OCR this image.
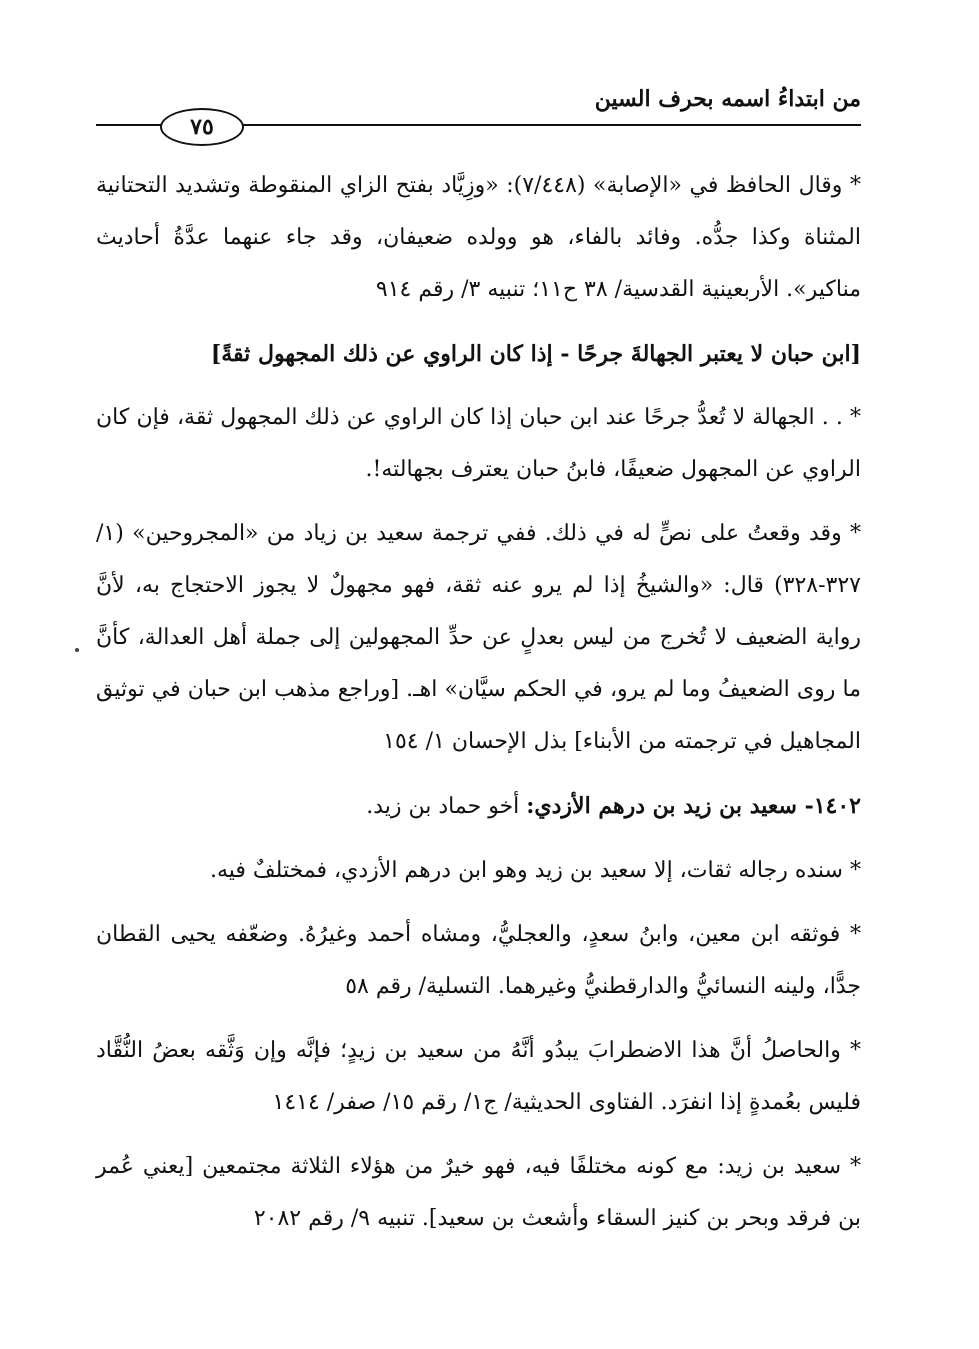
من ابتداءُ اسمه بحرف السين
٧٥

* وقال الحافظ في «الإصابة» (٧/٤٤٨): «وزِيَّاد بفتح الزاي المنقوطة وتشديد التحتانية المثناة وكذا جدُّه. وفائد بالفاء، هو وولده ضعيفان، وقد جاء عنهما عدَّةُ أحاديث مناكير». الأربعينية القدسية/ ٣٨ ح١١؛ تنبيه ٣/ رقم ٩١٤

[ابن حبان لا يعتبر الجهالةَ جرحًا - إذا كان الراوي عن ذلك المجهول ثقةً]

* . . الجهالة لا تُعدُّ جرحًا عند ابن حبان إذا كان الراوي عن ذلك المجهول ثقة، فإن كان الراوي عن المجهول ضعيفًا، فابنُ حبان يعترف بجهالته!.

* وقد وقعتُ على نصٍّ له في ذلك. ففي ترجمة سعيد بن زياد من «المجروحين» (١/ ٣٢٧-٣٢٨) قال: «والشيخُ إذا لم يرو عنه ثقة، فهو مجهولٌ لا يجوز الاحتجاج به، لأنَّ رواية الضعيف لا تُخرج من ليس بعدلٍ عن حدِّ المجهولين إلى جملة أهل العدالة، كأنَّ ما روى الضعيفُ وما لم يرو، في الحكم سيَّان» اهـ. [وراجع مذهب ابن حبان في توثيق المجاهيل في ترجمته من الأبناء] بذل الإحسان ١/ ١٥٤

١٤٠٢- سعيد بن زيد بن درهم الأزدي: أخو حماد بن زيد.

* سنده رجاله ثقات، إلا سعيد بن زيد وهو ابن درهم الأزدي، فمختلفٌ فيه.

* فوثقه ابن معين، وابنُ سعدٍ، والعجليُّ، ومشاه أحمد وغيرُهُ. وضعّفه يحيى القطان جدًّا، ولينه النسائيُّ والدارقطنيُّ وغيرهما. التسلية/ رقم ٥٨

* والحاصلُ أنَّ هذا الاضطرابَ يبدُو أنَّهُ من سعيد بن زيدٍ؛ فإنَّه وإن وَثَّقه بعضُ النُّقَّاد فليس بعُمدةٍ إذا انفرَد. الفتاوى الحديثية/ ج١/ رقم ١٥/ صفر/ ١٤١٤

* سعيد بن زيد: مع كونه مختلفًا فيه، فهو خيرٌ من هؤلاء الثلاثة مجتمعين [يعني عُمر بن فرقد وبحر بن كنيز السقاء وأشعث بن سعيد]. تنبيه ٩/ رقم ٢٠٨٢
